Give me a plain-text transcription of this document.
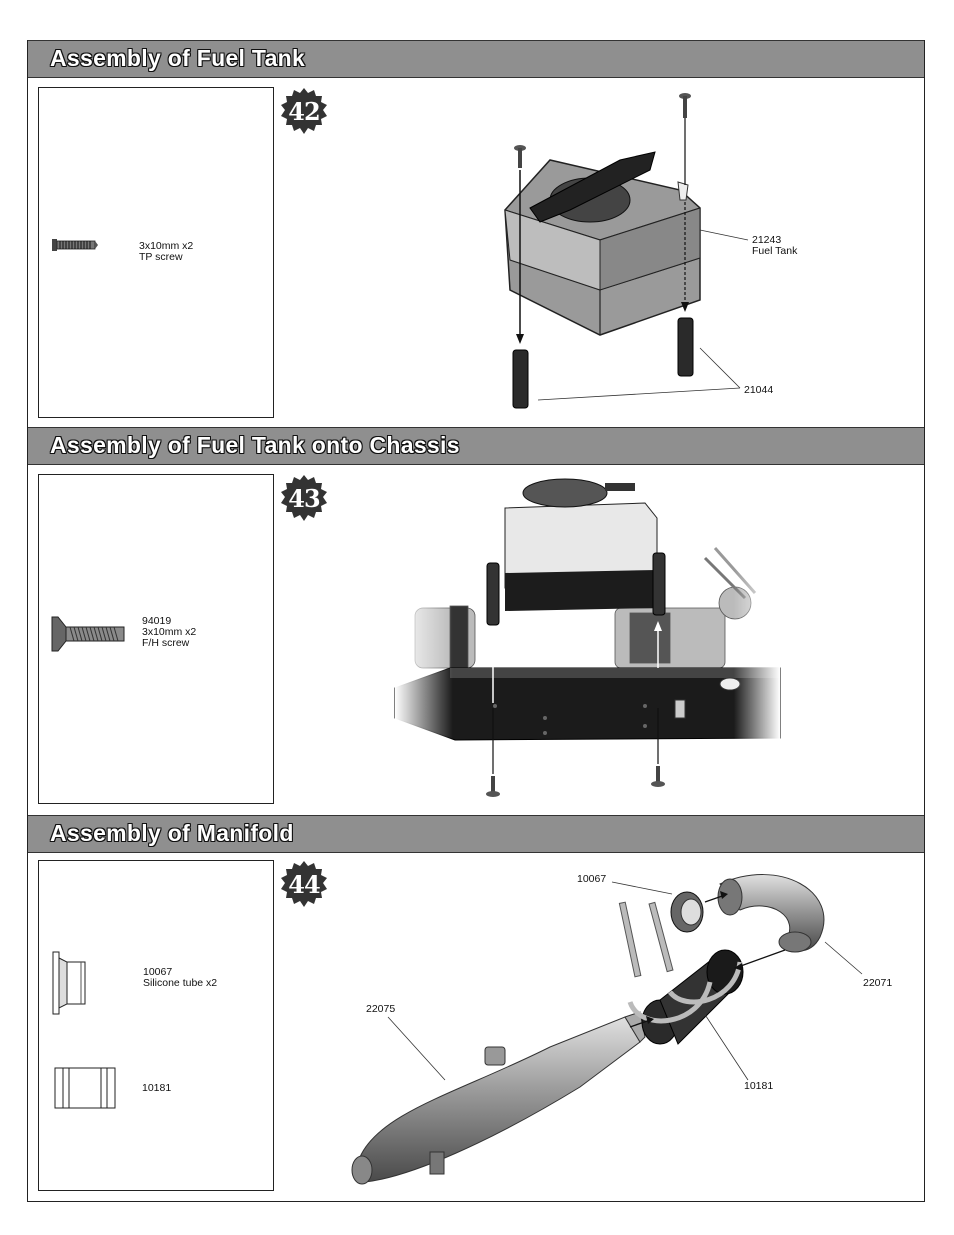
Assembly of Fuel Tank
3x10mm x2
TP screw
42
21243
Fuel Tank
21044
Assembly of Fuel Tank onto Chassis
94019
3x10mm x2
F/H screw
43
Assembly of Manifold
10067
Silicone tube x2
10181
44	10067
22071
22075
10181
